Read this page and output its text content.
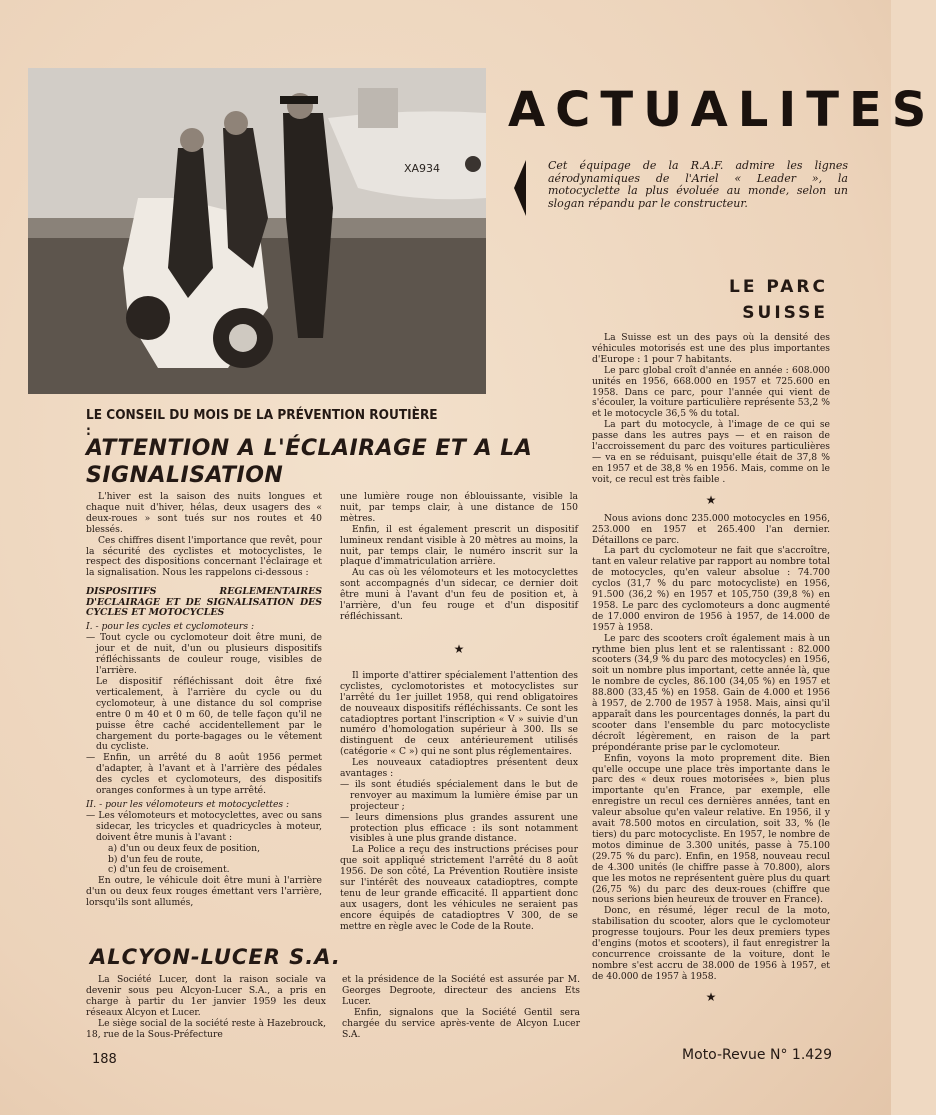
XA934
ACTUALITES
Cet équipage de la R.A.F. admire les lignes aérodynamiques de l'Ariel « Leader », la motocyclette la plus évoluée au monde, selon un slogan répandu par le constructeur.
LE PARC
SUISSE

La Suisse est un des pays où la densité des véhicules motorisés est une des plus importantes d'Europe : 1 pour 7 habitants.

Le parc global croît d'année en année : 608.000 unités en 1956, 668.000 en 1957 et 725.600 en 1958. Dans ce parc, pour l'année qui vient de s'écouler, la voiture particulière représente 53,2 % et le motocycle 36,5 % du total.

La part du motocycle, à l'image de ce qui se passe dans les autres pays — et en raison de l'accroissement du parc des voitures particulières — va en se réduisant, puisqu'elle était de 37,8 % en 1957 et de 38,8 % en 1956. Mais, comme on le voit, ce recul est très faible .

★

Nous avions donc 235.000 motocycles en 1956, 253.000 en 1957 et 265.400 l'an dernier. Détaillons ce parc.

La part du cyclomoteur ne fait que s'accroître, tant en valeur relative par rapport au nombre total de motocycles, qu'en valeur absolue : 74.700 cyclos (31,7 % du parc motocycliste) en 1956, 91.500 (36,2 %) en 1957 et 105,750 (39,8 %) en 1958. Le parc des cyclomoteurs a donc augmenté de 17.000 environ de 1956 à 1957, de 14.000 de 1957 à 1958.

Le parc des scooters croît également mais à un rythme bien plus lent et se ralentissant : 82.000 scooters (34,9 % du parc des motocycles) en 1956, soit un nombre plus important, cette année là, que le nombre de cycles, 86.100 (34,05 %) en 1957 et 88.800 (33,45 %) en 1958. Gain de 4.000 et 1956 à 1957, de 2.700 de 1957 à 1958. Mais, ainsi qu'il apparaît dans les pourcentages donnés, la part du scooter dans l'ensemble du parc motocycliste décroît légèrement, en raison de la part prépondérante prise par le cyclomoteur.

Enfin, voyons la moto proprement dite. Bien qu'elle occupe une place très importante dans le parc des « deux roues motorisées », bien plus importante qu'en France, par exemple, elle enregistre un recul ces dernières années, tant en valeur absolue qu'en valeur relative. En 1956, il y avait 78.500 motos en circulation, soit 33, % (le tiers) du parc motocycliste. En 1957, le nombre de motos diminue de 3.300 unités, passe à 75.100 (29.75 % du parc). Enfin, en 1958, nouveau recul de 4.300 unités (le chiffre passe à 70.800), alors que les motos ne représentent guère plus du quart (26,75 %) du parc des deux-roues (chiffre que nous serions bien heureux de trouver en France).

Donc, en résumé, léger recul de la moto, stabilisation du scooter, alors que le cyclomoteur progresse toujours. Pour les deux premiers types d'engins (motos et scooters), il faut enregistrer la concurrence croissante de la voiture, dont le nombre s'est accru de 38.000 de 1956 à 1957, et de 40.000 de 1957 à 1958.

★
LE CONSEIL DU MOIS DE LA PRÉVENTION ROUTIÈRE :
ATTENTION A L'ÉCLAIRAGE ET A LA SIGNALISATION

L'hiver est la saison des nuits longues et chaque nuit d'hiver, hélas, deux usagers des « deux-roues » sont tués sur nos routes et 40 blessés.

Ces chiffres disent l'importance que revêt, pour la sécurité des cyclistes et motocyclistes, le respect des dispositions concernant l'éclairage et la signalisation. Nous les rappelons ci-dessous :

DISPOSITIFS REGLEMENTAIRES D'ECLAIRAGE ET DE SIGNALISATION DES CYCLES ET MOTOCYCLES

I. - pour les cycles et cyclomoteurs :

— Tout cycle ou cyclomoteur doit être muni, de jour et de nuit, d'un ou plusieurs dispositifs réfléchissants de couleur rouge, visibles de l'arrière.

Le dispositif réfléchissant doit être fixé verticalement, à l'arrière du cycle ou du cyclomoteur, à une distance du sol comprise entre 0 m 40 et 0 m 60, de telle façon qu'il ne puisse être caché accidentellement par le chargement du porte-bagages ou le vêtement du cycliste.

— Enfin, un arrêté du 8 août 1956 permet d'adapter, à l'avant et à l'arrière des pédales des cycles et cyclomoteurs, des dispositifs oranges conformes à un type arrêté.

II. - pour les vélomoteurs et motocyclettes :

— Les vélomoteurs et motocyclettes, avec ou sans sidecar, les tricycles et quadricycles à moteur, doivent être munis à l'avant :

a) d'un ou deux feux de position,

b) d'un feu de route,

c) d'un feu de croisement.

En outre, le véhicule doit être muni à l'arrière d'un ou deux feux rouges émettant vers l'arrière, lorsqu'ils sont allumés,

une lumière rouge non éblouissante, visible la nuit, par temps clair, à une distance de 150 mètres.

Enfin, il est également prescrit un dispositif lumineux rendant visible à 20 mètres au moins, la nuit, par temps clair, le numéro inscrit sur la plaque d'immatriculation arrière.

Au cas où les vélomoteurs et les motocyclettes sont accompagnés d'un sidecar, ce dernier doit être muni à l'avant d'un feu de position et, à l'arrière, d'un feu rouge et d'un dispositif réfléchissant.

★

Il importe d'attirer spécialement l'attention des cyclistes, cyclomotoristes et motocyclistes sur l'arrêté du 1er juillet 1958, qui rend obligatoires de nouveaux dispositifs réfléchissants. Ce sont les catadioptres portant l'inscription « V » suivie d'un numéro d'homologation supérieur à 300. Ils se distinguent de ceux antérieurement utilisés (catégorie « C ») qui ne sont plus réglementaires.

Les nouveaux catadioptres présentent deux avantages :

— ils sont étudiés spécialement dans le but de renvoyer au maximum la lumière émise par un projecteur ;

— leurs dimensions plus grandes assurent une protection plus efficace : ils sont notamment visibles à une plus grande distance.

La Police a reçu des instructions précises pour que soit appliqué strictement l'arrêté du 8 août 1956. De son côté, La Prévention Routière insiste sur l'intérêt des nouveaux catadioptres, compte tenu de leur grande efficacité. Il appartient donc aux usagers, dont les véhicules ne seraient pas encore équipés de catadioptres V 300, de se mettre en règle avec le Code de la Route.

ALCYON-LUCER S.A.

La Société Lucer, dont la raison sociale va devenir sous peu Alcyon-Lucer S.A., a pris en charge à partir du 1er janvier 1959 les deux réseaux Alcyon et Lucer.

Le siège social de la société reste à Hazebrouck, 18, rue de la Sous-Préfecture

et la présidence de la Société est assurée par M. Georges Degroote, directeur des anciens Ets Lucer.

Enfin, signalons que la Société Gentil sera chargée du service après-vente de Alcyon Lucer S.A.

188	Moto-Revue N° 1.429
